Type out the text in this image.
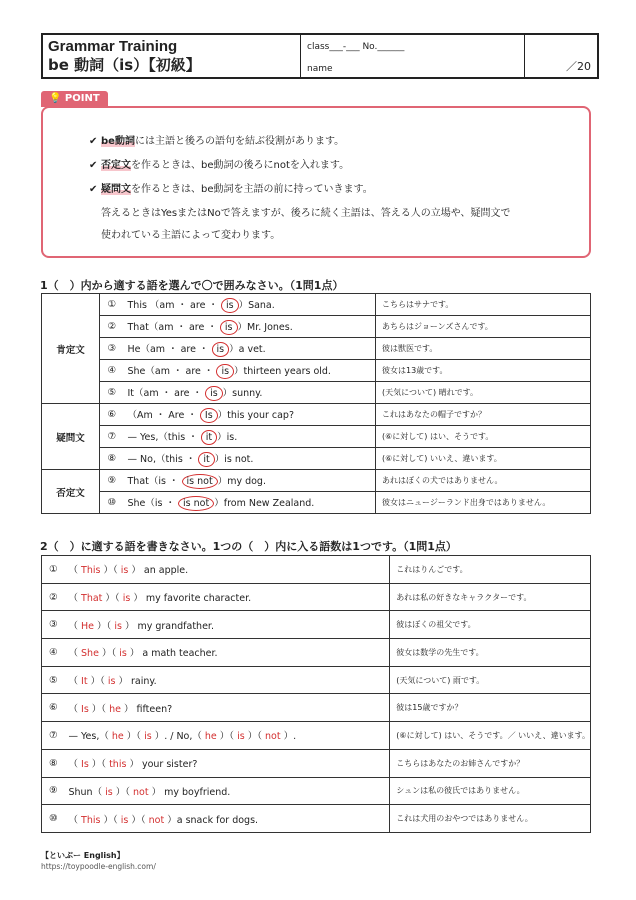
Grammar Training
be 動詞（is）【初級】
class___-___ No.______
name	／20
💡 POINT
✔ be動詞には主語と後ろの語句を結ぶ役割があります。
✔ 否定文を作るときは、be動詞の後ろにnotを入れます。
✔ 疑問文を作るときは、be動詞を主語の前に持っていきます。
答えるときはYesまたはNoで答えますが、後ろに続く主語は、答える人の立場や、疑問文で
使われている主語によって変わります。
1（　）内から適する語を選んで〇で囲みなさい。（1問1点）
肯定文	①	This （am ・ are ・ is ）Sana.	こちらはサナです。
	②	That（am ・ are ・ is ）Mr. Jones.	あちらはジョーンズさんです。
	③	He（am ・ are ・ is ）a vet.	彼は獣医です。
	④	She（am ・ are ・ is ）thirteen years old.	彼女は13歳です。
	⑤	It（am ・ are ・ is ）sunny.	(天気について) 晴れです。
疑問文	⑥	（Am ・ Are ・ Is ）this your cap?	これはあなたの帽子ですか？
	⑦	— Yes,（this ・ it ）is.	(⑥に対して) はい、そうです。
	⑧	— No,（this ・ it ）is not.	(⑥に対して) いいえ、違います。
否定文	⑨	That（is ・ is not ）my dog.	あれはぼくの犬ではありません。
	⑩	She（is ・ is not ）from New Zealand.	彼女はニュージーランド出身ではありません。
2（　）に適する語を書きなさい。1つの（　）内に入る語数は1つです。（1問1点）
①	（ This ）（ is ） an apple.	これはりんごです。
②	（ That ）（ is ） my favorite character.	あれは私の好きなキャラクターです。
③	（ He ）（ is ） my grandfather.	彼はぼくの祖父です。
④	（ She ）（ is ） a math teacher.	彼女は数学の先生です。
⑤	（ It ）（ is ） rainy.	(天気について) 雨です。
⑥	（ Is ）（ he ） fifteen?	彼は15歳ですか？
⑦	— Yes,（ he ）（ is ）. / No,（ he ）（ is ）（ not ）.	(⑥に対して) はい、そうです。／ いいえ、違います。
⑧	（ Is ）（ this ） your sister?	こちらはあなたのお姉さんですか？
⑨	Shun（ is ）（ not ） my boyfriend.	シュンは私の彼氏ではありません。
⑩	（ This ）（ is ）（ not ）a snack for dogs.	これは犬用のおやつではありません。
【といぷー English】
https://toypoodle-english.com/
